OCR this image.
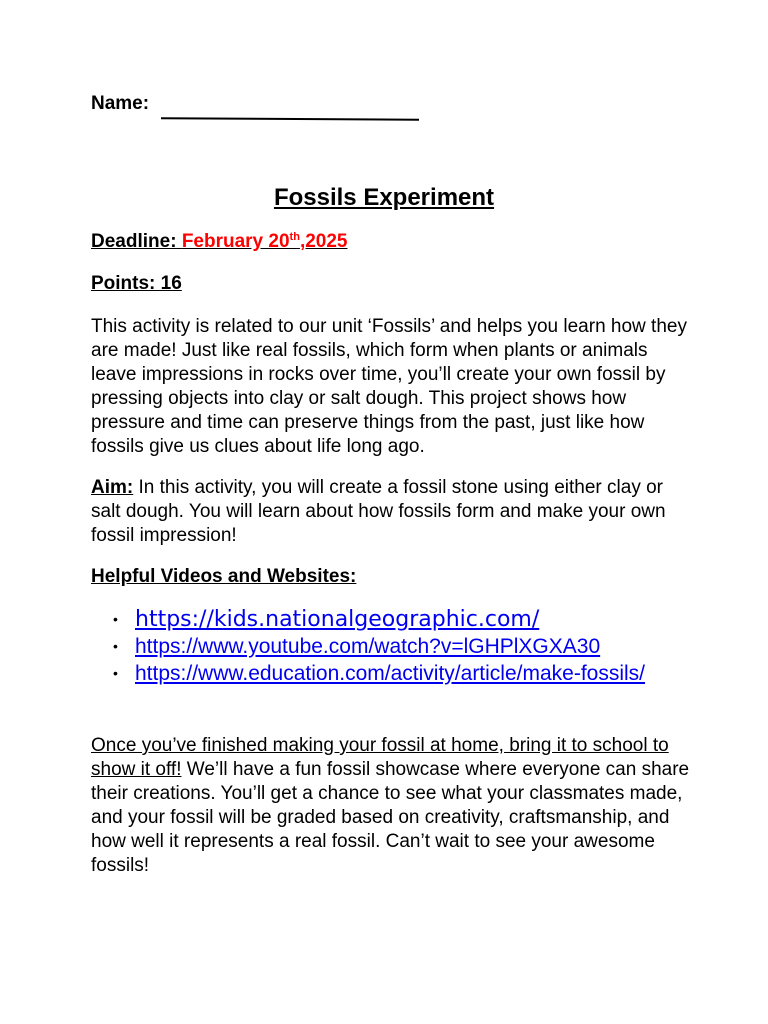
Name:
Fossils Experiment
Deadline: February 20th,2025
Points: 16
This activity is related to our unit ‘Fossils’ and helps you learn how they are made! Just like real fossils, which form when plants or animals leave impressions in rocks over time, you’ll create your own fossil by pressing objects into clay or salt dough. This project shows how pressure and time can preserve things from the past, just like how fossils give us clues about life long ago.
Aim: In this activity, you will create a fossil stone using either clay or salt dough. You will learn about how fossils form and make your own fossil impression!
Helpful Videos and Websites:
• https://kids.nationalgeographic.com/
• https://www.youtube.com/watch?v=lGHPlXGXA30
• https://www.education.com/activity/article/make-fossils/
Once you’ve finished making your fossil at home, bring it to school to show it off! We’ll have a fun fossil showcase where everyone can share their creations. You’ll get a chance to see what your classmates made, and your fossil will be graded based on creativity, craftsmanship, and how well it represents a real fossil. Can’t wait to see your awesome fossils!
